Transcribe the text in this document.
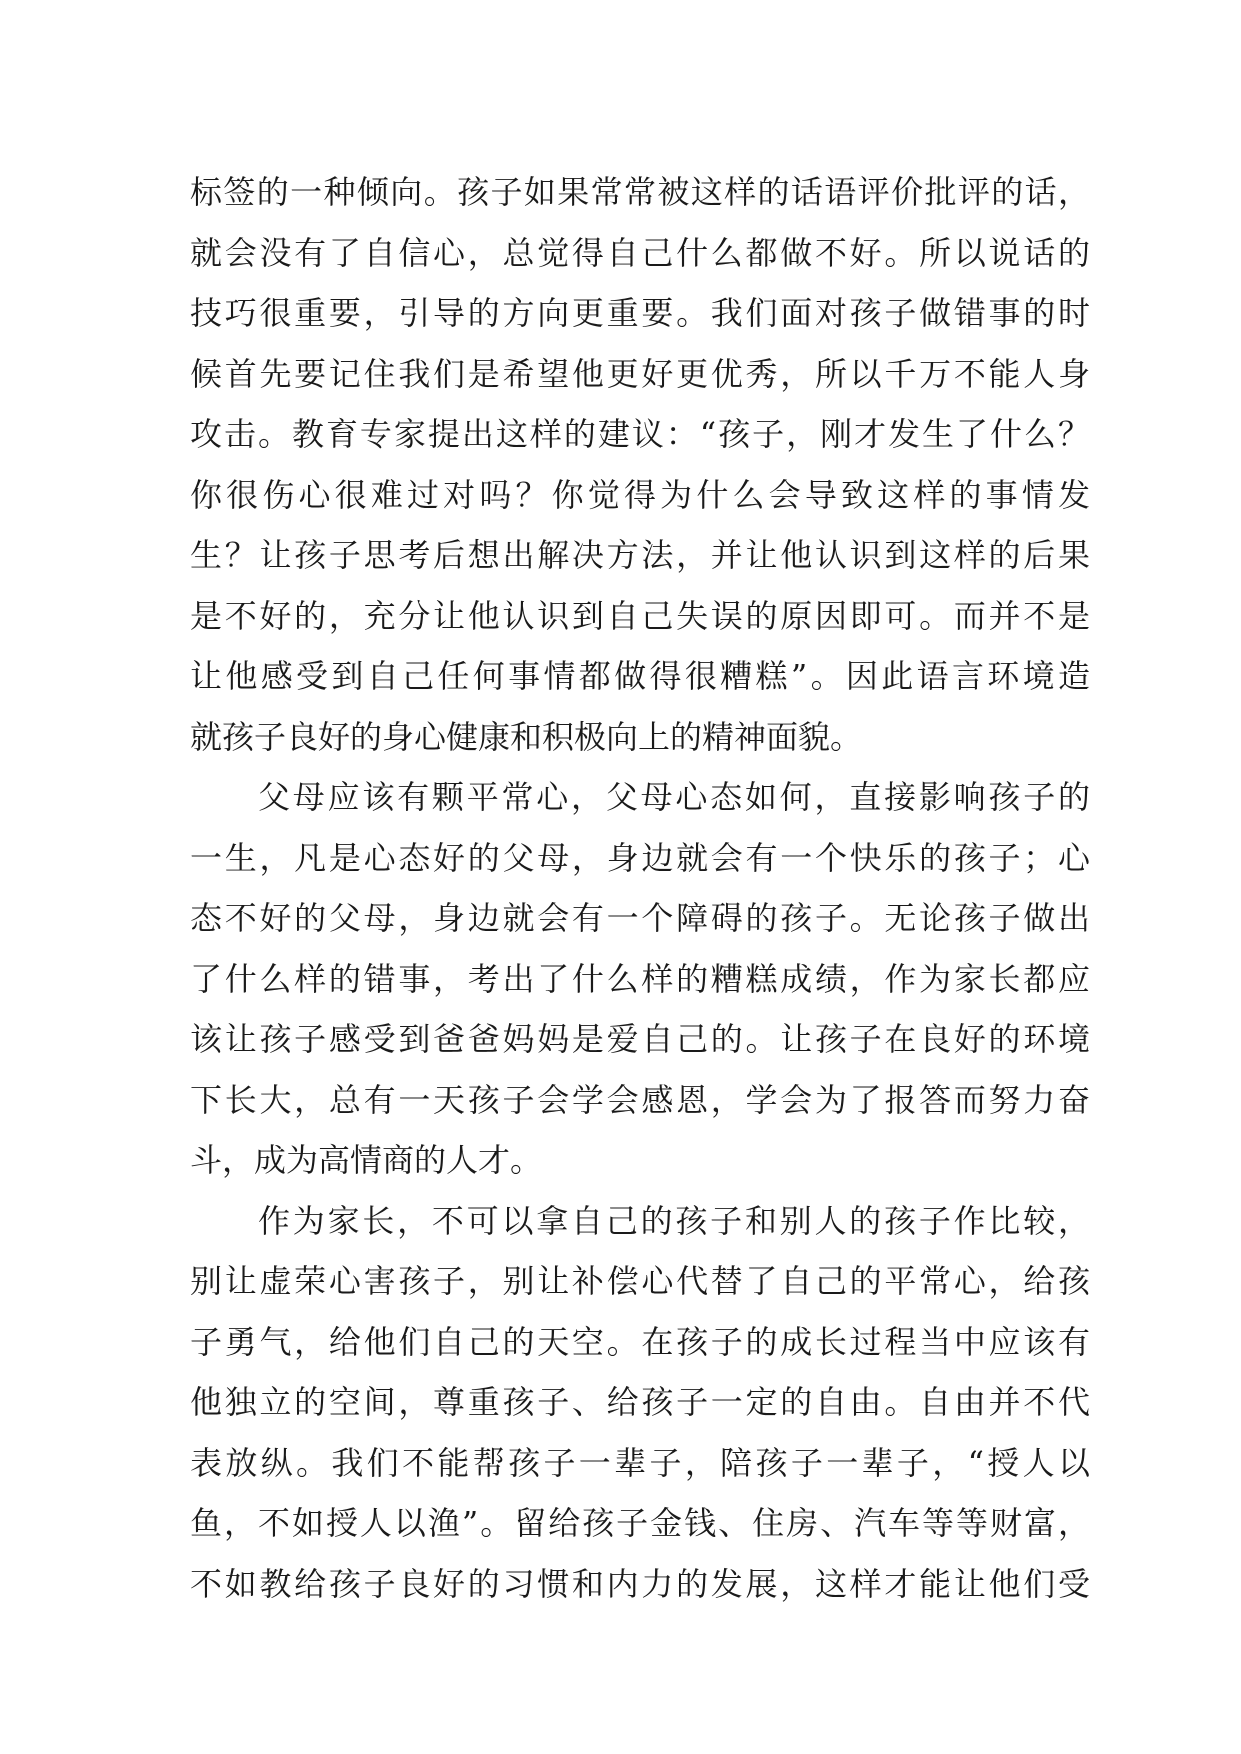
标签的一种倾向。孩子如果常常被这样的话语评价批评的话，
就会没有了自信心，总觉得自己什么都做不好。所以说话的
技巧很重要，引导的方向更重要。我们面对孩子做错事的时
候首先要记住我们是希望他更好更优秀，所以千万不能人身
攻击。教育专家提出这样的建议：“孩子，刚才发生了什么？
你很伤心很难过对吗？你觉得为什么会导致这样的事情发
生？让孩子思考后想出解决方法，并让他认识到这样的后果
是不好的，充分让他认识到自己失误的原因即可。而并不是
让他感受到自己任何事情都做得很糟糕”。因此语言环境造
就孩子良好的身心健康和积极向上的精神面貌。
父母应该有颗平常心，父母心态如何，直接影响孩子的
一生，凡是心态好的父母，身边就会有一个快乐的孩子；心
态不好的父母，身边就会有一个障碍的孩子。无论孩子做出
了什么样的错事，考出了什么样的糟糕成绩，作为家长都应
该让孩子感受到爸爸妈妈是爱自己的。让孩子在良好的环境
下长大，总有一天孩子会学会感恩，学会为了报答而努力奋
斗，成为高情商的人才。
作为家长，不可以拿自己的孩子和别人的孩子作比较，
别让虚荣心害孩子，别让补偿心代替了自己的平常心，给孩
子勇气，给他们自己的天空。在孩子的成长过程当中应该有
他独立的空间，尊重孩子、给孩子一定的自由。自由并不代
表放纵。我们不能帮孩子一辈子，陪孩子一辈子，“授人以
鱼，不如授人以渔”。留给孩子金钱、住房、汽车等等财富，
不如教给孩子良好的习惯和内力的发展，这样才能让他们受
